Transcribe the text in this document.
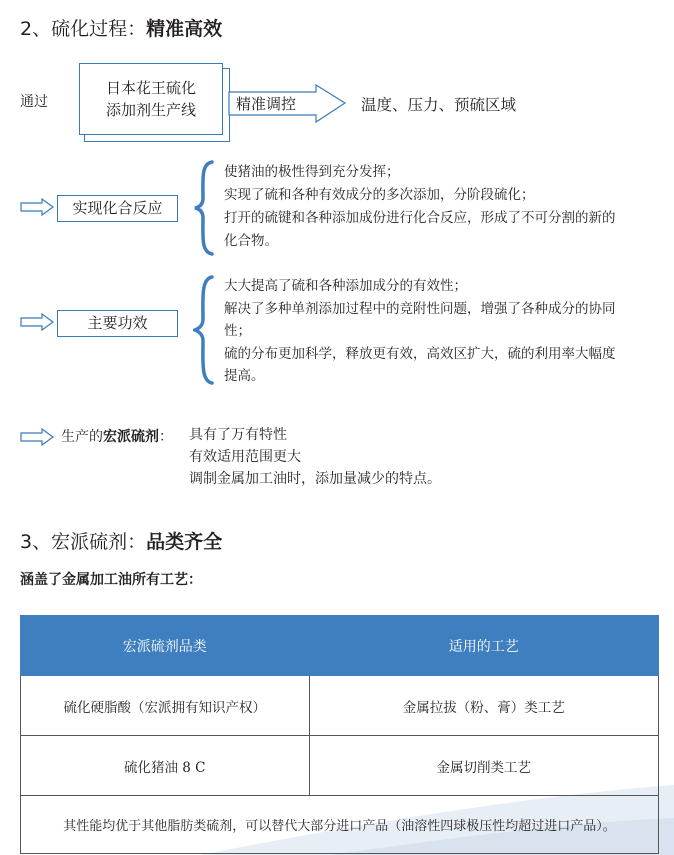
2、硫化过程：精准高效
通过
日本花王硫化
添加剂生产线	精准调控	温度、压力、预硫区域
→	实现化合反应
使猪油的极性得到充分发挥；
实现了硫和各种有效成分的多次添加，分阶段硫化；
打开的硫键和各种添加成份进行化合反应，形成了不可分割的新的
化合物。
主要功效
大大提高了硫和各种添加成分的有效性；
解决了多种单剂添加过程中的竞附性问题，增强了各种成分的协同
性；
硫的分布更加科学，释放更有效，高效区扩大，硫的利用率大幅度
提高。
生产的宏派硫剂： 具有了万有特性
有效适用范围更大
调制金属加工油时，添加量减少的特点。
3、宏派硫剂：品类齐全
涵盖了金属加工油所有工艺：
宏派硫剂品类	适用的工艺
硫化硬脂酸（宏派拥有知识产权）	金属拉拔（粉、膏）类工艺
硫化猪油 8 C	金属切削类工艺
其性能均优于其他脂肪类硫剂，可以替代大部分进口产品（油溶性四球极压性均超过进口产品）。	
